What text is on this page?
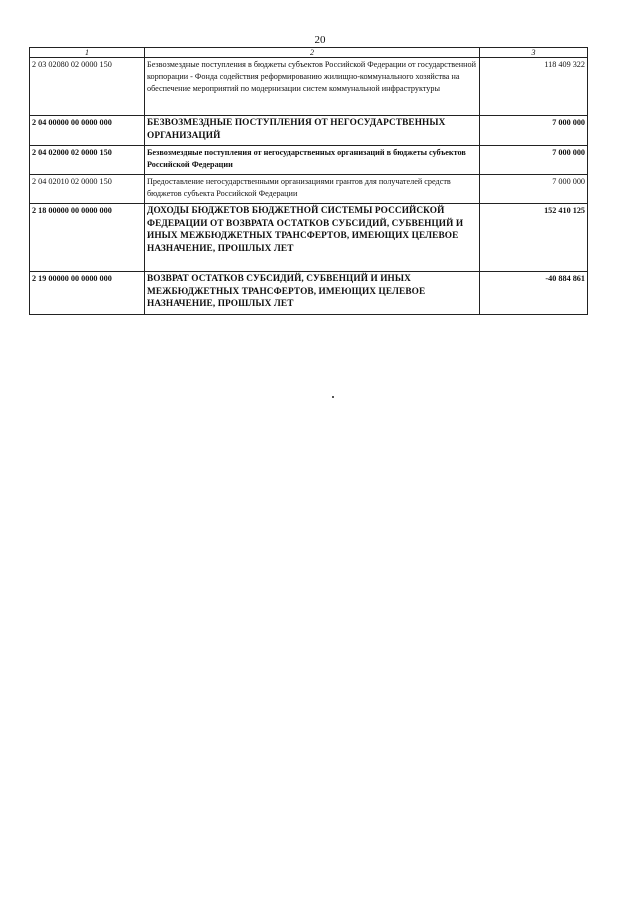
20
1	2	3
2 03 02080 02 0000 150	Безвозмездные поступления в бюджеты субъектов Российской Федерации от государственной корпорации - Фонда содействия реформированию жилищно-коммунального хозяйства на обеспечение мероприятий по модернизации систем коммунальной инфраструктуры	118 409 322
2 04 00000 00 0000 000	БЕЗВОЗМЕЗДНЫЕ ПОСТУПЛЕНИЯ ОТ НЕГОСУДАРСТВЕННЫХ ОРГАНИЗАЦИЙ	7 000 000
2 04 02000 02 0000 150	Безвозмездные поступления от негосударственных организаций в бюджеты субъектов Российской Федерации	7 000 000
2 04 02010 02 0000 150	Предоставление негосударственными организациями грантов для получателей средств бюджетов субъекта Российской Федерации	7 000 000
2 18 00000 00 0000 000	ДОХОДЫ БЮДЖЕТОВ БЮДЖЕТНОЙ СИСТЕМЫ РОССИЙСКОЙ ФЕДЕРАЦИИ ОТ ВОЗВРАТА ОСТАТКОВ СУБСИДИЙ, СУБВЕНЦИЙ И ИНЫХ МЕЖБЮДЖЕТНЫХ ТРАНСФЕРТОВ, ИМЕЮЩИХ ЦЕЛЕВОЕ НАЗНАЧЕНИЕ, ПРОШЛЫХ ЛЕТ	152 410 125
2 19 00000 00 0000 000	ВОЗВРАТ ОСТАТКОВ СУБСИДИЙ, СУБВЕНЦИЙ И ИНЫХ МЕЖБЮДЖЕТНЫХ ТРАНСФЕРТОВ, ИМЕЮЩИХ ЦЕЛЕВОЕ НАЗНАЧЕНИЕ, ПРОШЛЫХ ЛЕТ	-40 884 861
